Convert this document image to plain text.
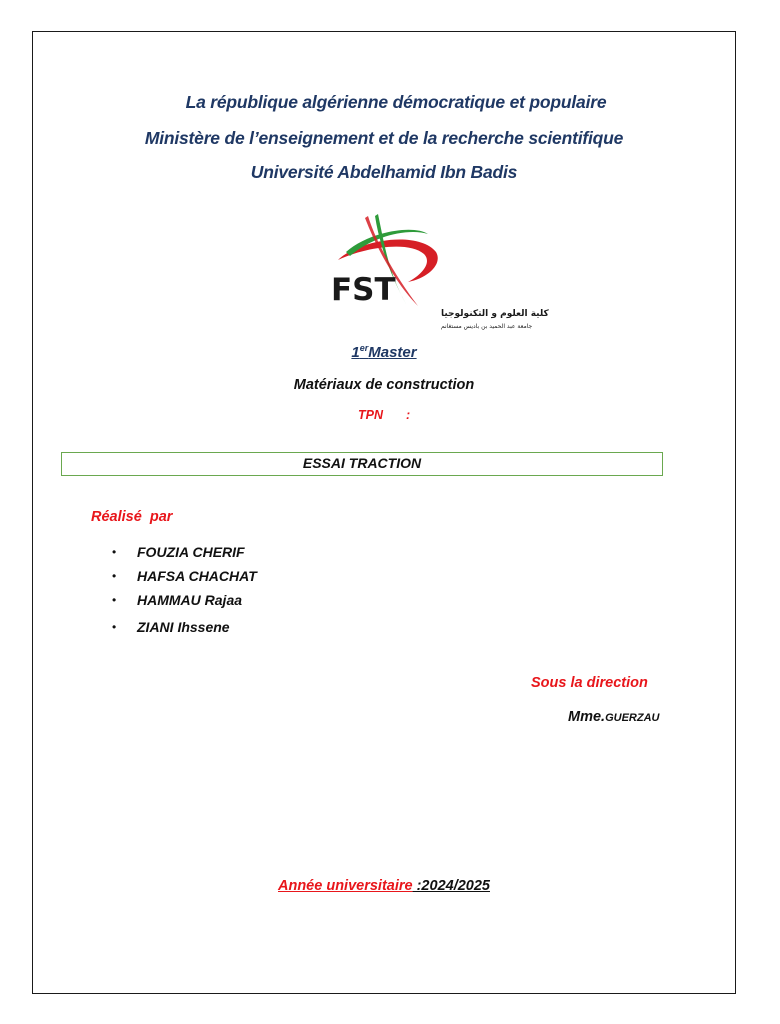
La république algérienne démocratique et populaire
Ministère de l’enseignement et de la recherche scientifique
Université Abdelhamid Ibn Badis
FST
كلية العلوم و التكنولوجيا
جامعة عبد الحميد بن باديس مستغانم
1erMaster
Matériaux de construction
TPN :
ESSAI TRACTION
Réalisé  par
• FOUZIA CHERIF
• HAFSA CHACHAT
• HAMMAU Rajaa
• ZIANI Ihssene
Sous la direction
Mme.GUERZAU
Année universitaire :2024/2025
